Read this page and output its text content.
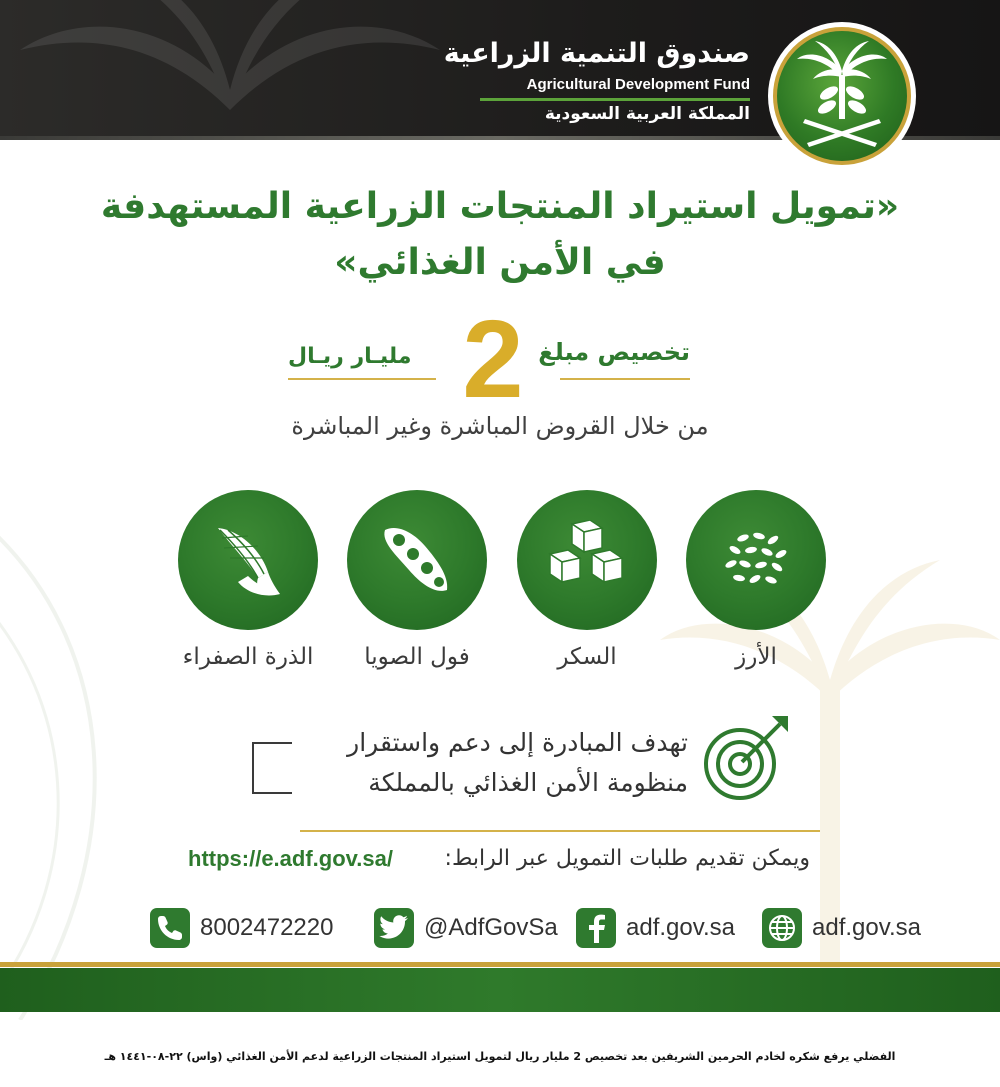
صندوق التنمية الزراعية
Agricultural Development Fund
المملكة العربية السعودية
«تمويل استيراد المنتجات الزراعية المستهدفة
في الأمن الغذائي»
تخصيص مبلغ
2
مليـار ريـال
من خلال القروض المباشرة وغير المباشرة
الأرز
السكر
فول الصويا
الذرة الصفراء
تهدف المبادرة إلى دعم واستقرار
منظومة الأمن الغذائي بالمملكة
ويمكن تقديم طلبات التمويل عبر الرابط:
https://e.adf.gov.sa/
adf.gov.sa
adf.gov.sa
@AdfGovSa
8002472220
الفضلي يرفع شكره لخادم الحرمين الشريفين بعد تخصيص 2 مليار ريال لتمويل استيراد المنتجات الزراعية لدعم الأمن الغذائي (واس) ٢٢-٠٨-١٤٤١ هـ
